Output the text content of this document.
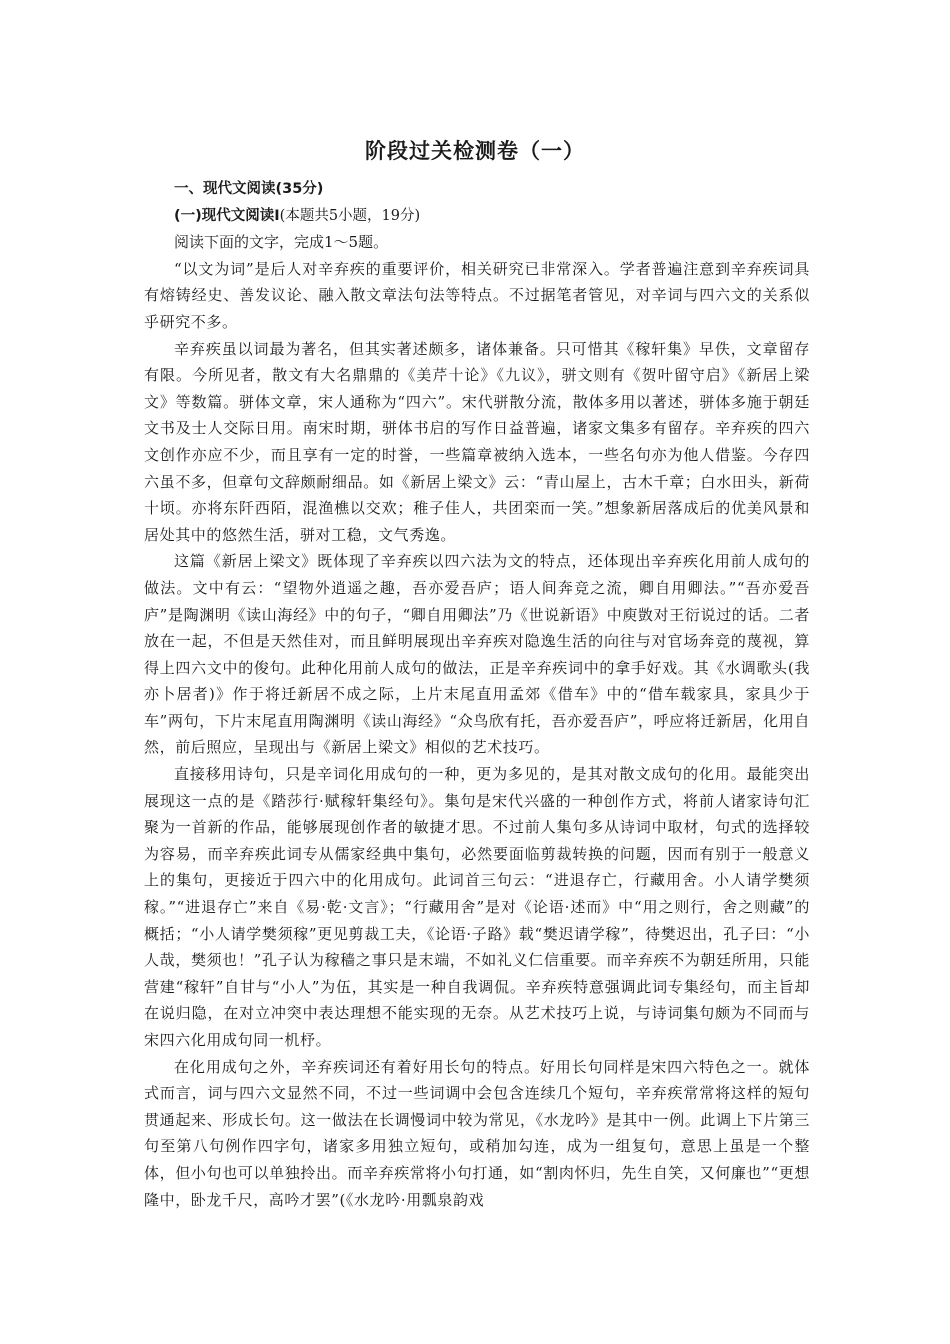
阶段过关检测卷（一）

一、现代文阅读(35分)

(一)现代文阅读Ⅰ(本题共5小题，19分)

阅读下面的文字，完成1～5题。

“以文为词”是后人对辛弃疾的重要评价，相关研究已非常深入。学者普遍注意到辛弃疾词具有熔铸经史、善发议论、融入散文章法句法等特点。不过据笔者管见，对辛词与四六文的关系似乎研究不多。

辛弃疾虽以词最为著名，但其实著述颇多，诸体兼备。只可惜其《稼轩集》早佚，文章留存有限。今所见者，散文有大名鼎鼎的《美芹十论》《九议》，骈文则有《贺叶留守启》《新居上梁文》等数篇。骈体文章，宋人通称为“四六”。宋代骈散分流，散体多用以著述，骈体多施于朝廷文书及士人交际日用。南宋时期，骈体书启的写作日益普遍，诸家文集多有留存。辛弃疾的四六文创作亦应不少，而且享有一定的时誉，一些篇章被纳入选本，一些名句亦为他人借鉴。今存四六虽不多，但章句文辞颇耐细品。如《新居上梁文》云：“青山屋上，古木千章；白水田头，新荷十顷。亦将东阡西陌，混渔樵以交欢；稚子佳人，共团栾而一笑。”想象新居落成后的优美风景和居处其中的悠然生活，骈对工稳，文气秀逸。

这篇《新居上梁文》既体现了辛弃疾以四六法为文的特点，还体现出辛弃疾化用前人成句的做法。文中有云：“望物外逍遥之趣，吾亦爱吾庐；语人间奔竞之流，卿自用卿法。”“吾亦爱吾庐”是陶渊明《读山海经》中的句子，“卿自用卿法”乃《世说新语》中庾敳对王衍说过的话。二者放在一起，不但是天然佳对，而且鲜明展现出辛弃疾对隐逸生活的向往与对官场奔竞的蔑视，算得上四六文中的俊句。此种化用前人成句的做法，正是辛弃疾词中的拿手好戏。其《水调歌头(我亦卜居者)》作于将迁新居不成之际，上片末尾直用孟郊《借车》中的“借车载家具，家具少于车”两句，下片末尾直用陶渊明《读山海经》“众鸟欣有托，吾亦爱吾庐”，呼应将迁新居，化用自然，前后照应，呈现出与《新居上梁文》相似的艺术技巧。

直接移用诗句，只是辛词化用成句的一种，更为多见的，是其对散文成句的化用。最能突出展现这一点的是《踏莎行·赋稼轩集经句》。集句是宋代兴盛的一种创作方式，将前人诸家诗句汇聚为一首新的作品，能够展现创作者的敏捷才思。不过前人集句多从诗词中取材，句式的选择较为容易，而辛弃疾此词专从儒家经典中集句，必然要面临剪裁转换的问题，因而有别于一般意义上的集句，更接近于四六中的化用成句。此词首三句云：“进退存亡，行藏用舍。小人请学樊须稼。”“进退存亡”来自《易·乾·文言》；“行藏用舍”是对《论语·述而》中“用之则行，舍之则藏”的概括；“小人请学樊须稼”更见剪裁工夫，《论语·子路》载“樊迟请学稼”，待樊迟出，孔子曰：“小人哉，樊须也！”孔子认为稼穑之事只是末端，不如礼义仁信重要。而辛弃疾不为朝廷所用，只能营建“稼轩”自甘与“小人”为伍，其实是一种自我调侃。辛弃疾特意强调此词专集经句，而主旨却在说归隐，在对立冲突中表达理想不能实现的无奈。从艺术技巧上说，与诗词集句颇为不同而与宋四六化用成句同一机杼。

在化用成句之外，辛弃疾词还有着好用长句的特点。好用长句同样是宋四六特色之一。就体式而言，词与四六文显然不同，不过一些词调中会包含连续几个短句，辛弃疾常常将这样的短句贯通起来、形成长句。这一做法在长调慢词中较为常见，《水龙吟》是其中一例。此调上下片第三句至第八句例作四字句，诸家多用独立短句，或稍加勾连，成为一组复句，意思上虽是一个整体，但小句也可以单独拎出。而辛弃疾常将小句打通，如“割肉怀归，先生自笑，又何廉也”“更想隆中，卧龙千尺，高吟才罢”(《水龙吟·用瓢泉韵戏
